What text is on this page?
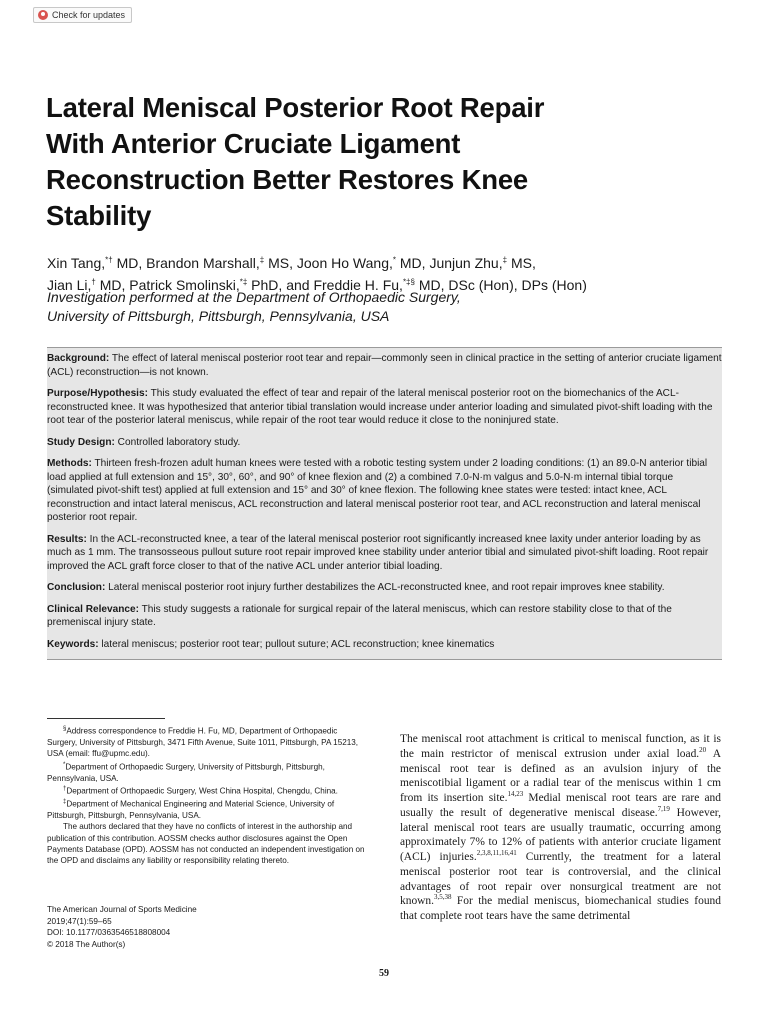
Check for updates
Lateral Meniscal Posterior Root Repair With Anterior Cruciate Ligament Reconstruction Better Restores Knee Stability
Xin Tang,*† MD, Brandon Marshall,‡ MS, Joon Ho Wang,* MD, Junjun Zhu,‡ MS,
Jian Li,† MD, Patrick Smolinski,*‡ PhD, and Freddie H. Fu,*‡§ MD, DSc (Hon), DPs (Hon)
Investigation performed at the Department of Orthopaedic Surgery,
University of Pittsburgh, Pittsburgh, Pennsylvania, USA

Background: The effect of lateral meniscal posterior root tear and repair—commonly seen in clinical practice in the setting of anterior cruciate ligament (ACL) reconstruction—is not known.

Purpose/Hypothesis: This study evaluated the effect of tear and repair of the lateral meniscal posterior root on the biomechanics of the ACL-reconstructed knee. It was hypothesized that anterior tibial translation would increase under anterior loading and simulated pivot-shift loading with the root tear of the posterior lateral meniscus, while repair of the root tear would reduce it close to the noninjured state.

Study Design: Controlled laboratory study.

Methods: Thirteen fresh-frozen adult human knees were tested with a robotic testing system under 2 loading conditions: (1) an 89.0-N anterior tibial load applied at full extension and 15°, 30°, 60°, and 90° of knee flexion and (2) a combined 7.0-N·m valgus and 5.0-N·m internal tibial torque (simulated pivot-shift test) applied at full extension and 15° and 30° of knee flexion. The following knee states were tested: intact knee, ACL reconstruction and intact lateral meniscus, ACL reconstruction and lateral meniscal posterior root tear, and ACL reconstruction and lateral meniscal posterior root repair.

Results: In the ACL-reconstructed knee, a tear of the lateral meniscal posterior root significantly increased knee laxity under anterior loading by as much as 1 mm. The transosseous pullout suture root repair improved knee stability under anterior tibial and simulated pivot-shift loading. Root repair improved the ACL graft force closer to that of the native ACL under anterior tibial loading.

Conclusion: Lateral meniscal posterior root injury further destabilizes the ACL-reconstructed knee, and root repair improves knee stability.

Clinical Relevance: This study suggests a rationale for surgical repair of the lateral meniscus, which can restore stability close to that of the premeniscal injury state.

Keywords: lateral meniscus; posterior root tear; pullout suture; ACL reconstruction; knee kinematics

§Address correspondence to Freddie H. Fu, MD, Department of Orthopaedic Surgery, University of Pittsburgh, 3471 Fifth Avenue, Suite 1011, Pittsburgh, PA 15213, USA (email: ffu@upmc.edu).

*Department of Orthopaedic Surgery, University of Pittsburgh, Pittsburgh, Pennsylvania, USA.

†Department of Orthopaedic Surgery, West China Hospital, Chengdu, China.

‡Department of Mechanical Engineering and Material Science, University of Pittsburgh, Pittsburgh, Pennsylvania, USA.

The authors declared that they have no conflicts of interest in the authorship and publication of this contribution. AOSSM checks author disclosures against the Open Payments Database (OPD). AOSSM has not conducted an independent investigation on the OPD and disclaims any liability or responsibility relating thereto.

The American Journal of Sports Medicine
2019;47(1):59–65
DOI: 10.1177/0363546518808004
© 2018 The Author(s)

The meniscal root attachment is critical to meniscal function, as it is the main restrictor of meniscal extrusion under axial load.$^{20}$ A meniscal root tear is defined as an avulsion injury of the meniscotibial ligament or a radial tear of the meniscus within 1 cm from its insertion site.$^{14,23}$ Medial meniscal root tears are rare and usually the result of degenerative meniscal disease.$^{7,19}$ However, lateral meniscal root tears are usually traumatic, occurring among approximately 7% to 12% of patients with anterior cruciate ligament (ACL) injuries.$^{2,3,8,11,16,41}$ Currently, the treatment for a lateral meniscal posterior root tear is controversial, and the clinical advantages of root repair over nonsurgical treatment are not known.$^{3,5,38}$ For the medial meniscus, biomechanical studies found that complete root tears have the same detrimental

59
